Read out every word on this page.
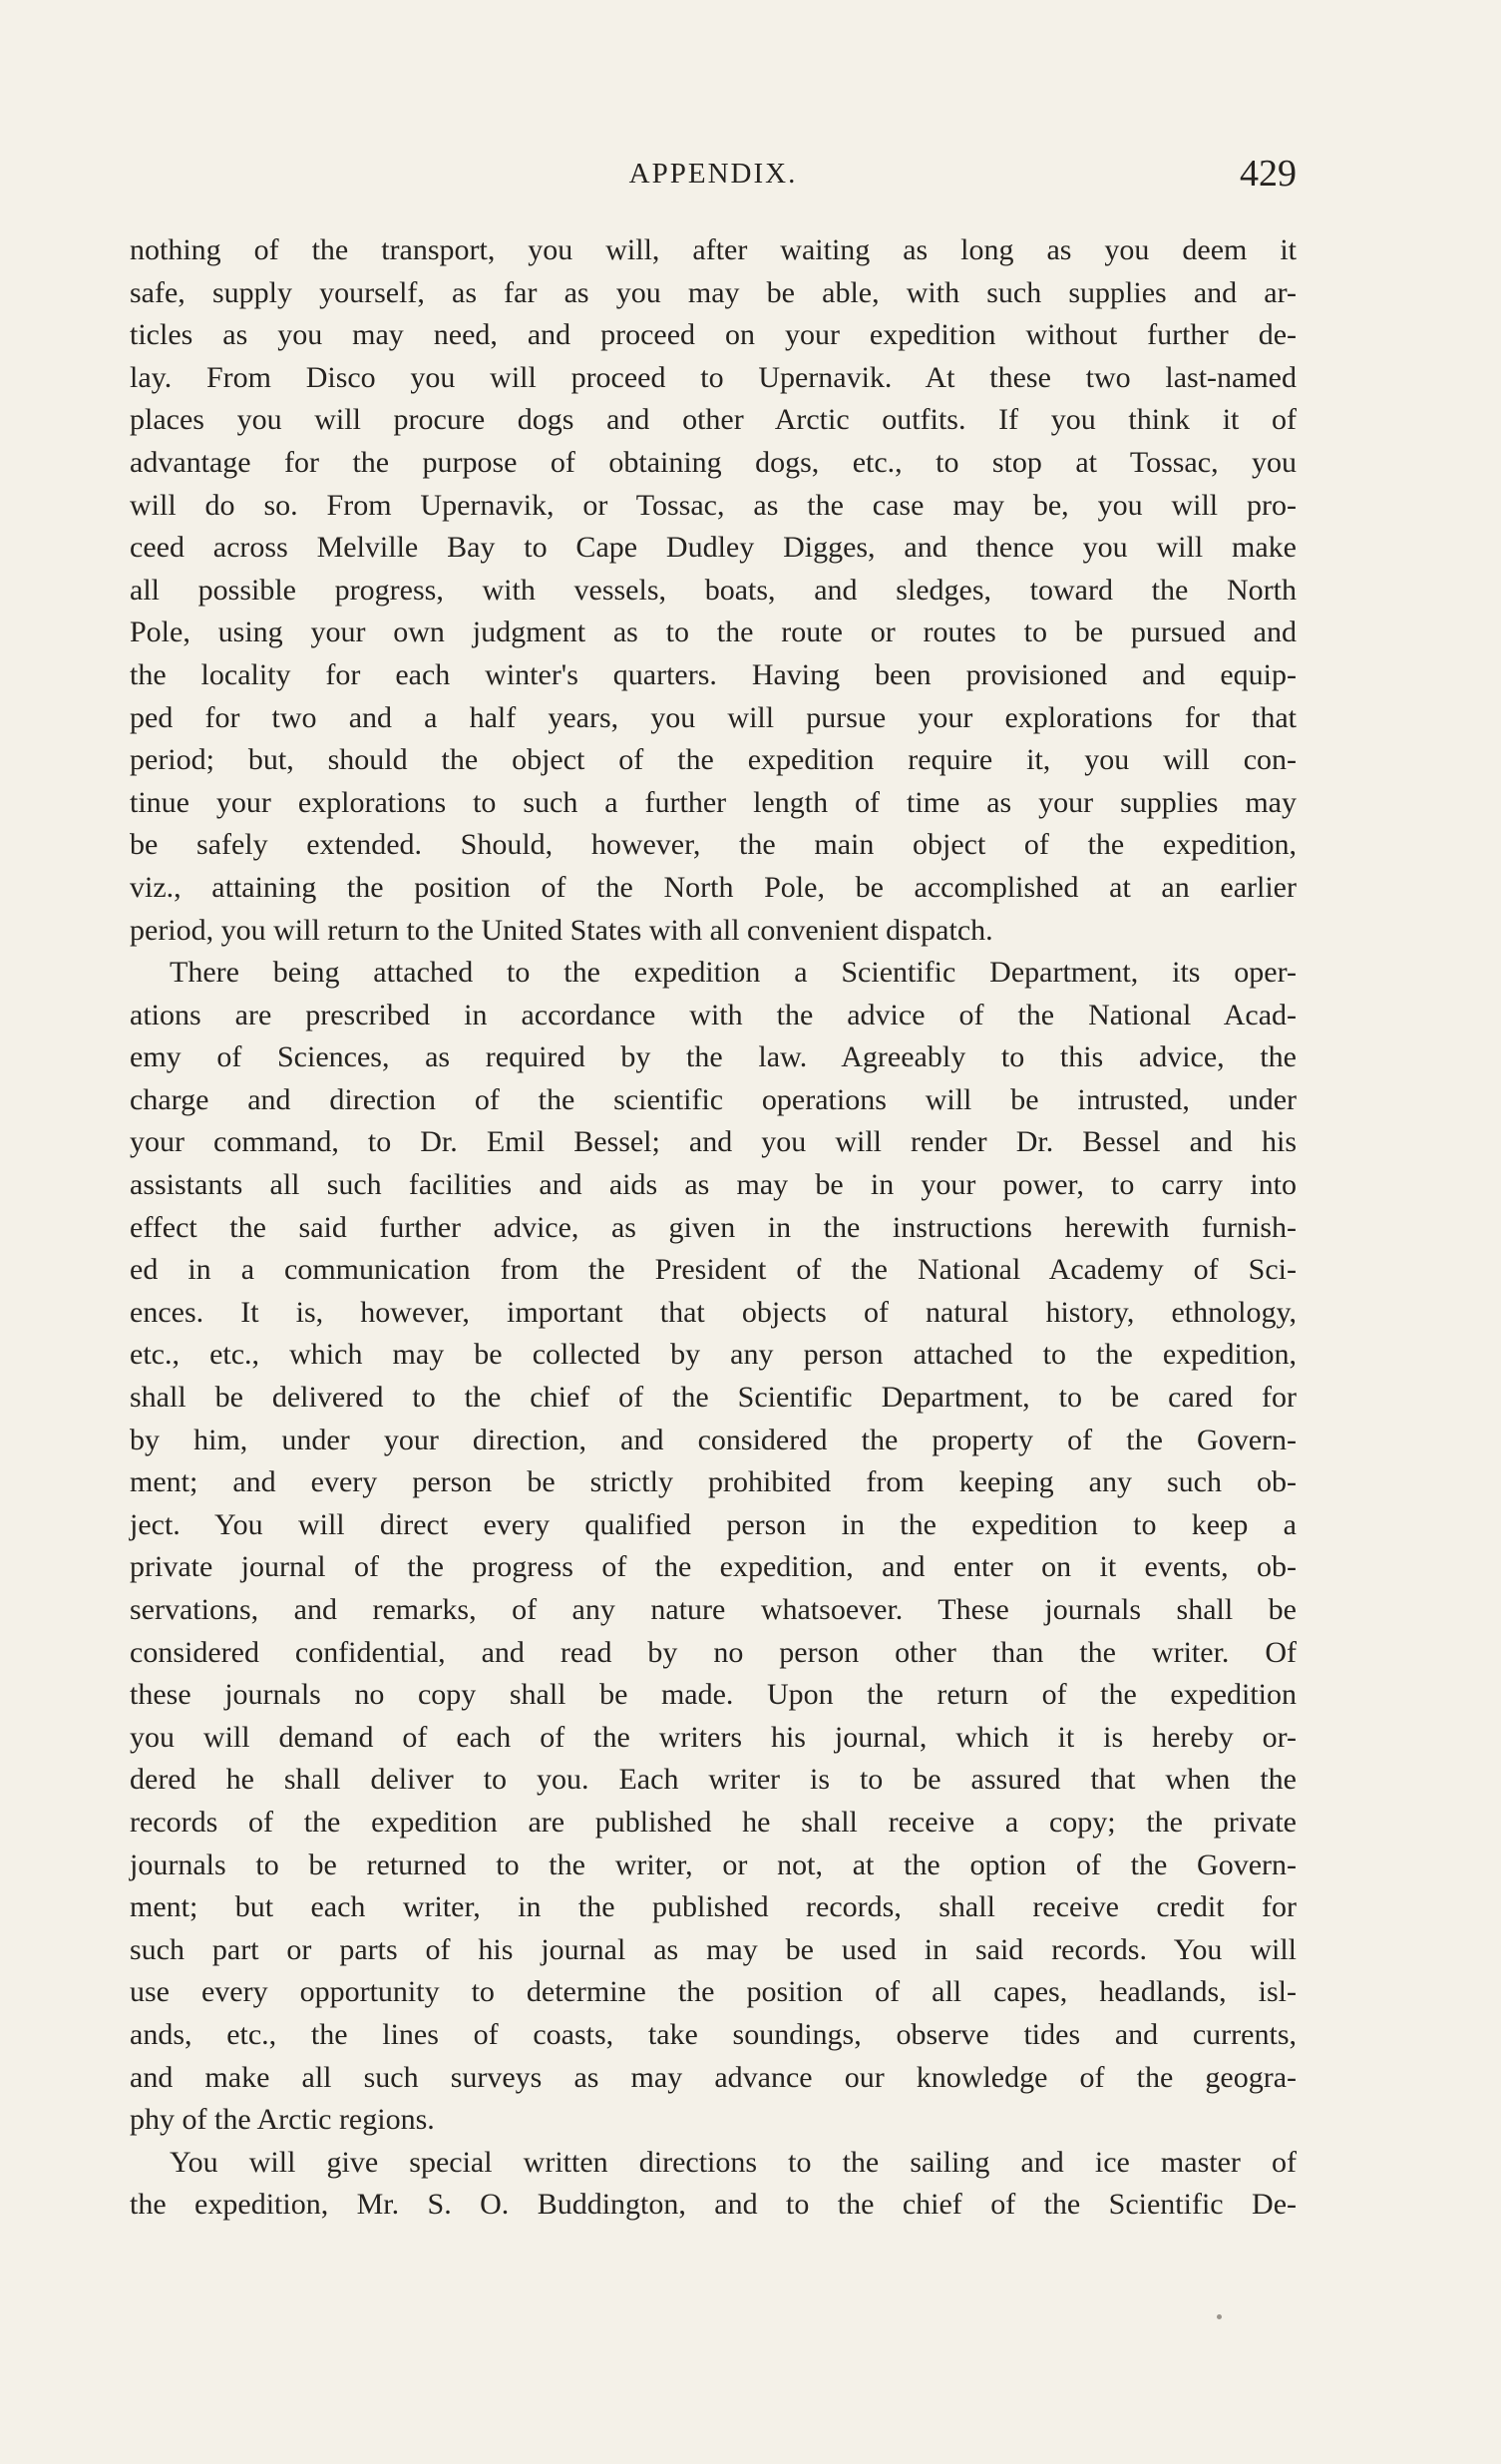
APPENDIX.	429
nothing of the transport, you will, after waiting as long as you deem it
safe, supply yourself, as far as you may be able, with such supplies and ar-
ticles as you may need, and proceed on your expedition without further de-
lay. From Disco you will proceed to Upernavik. At these two last-named
places you will procure dogs and other Arctic outfits. If you think it of
advantage for the purpose of obtaining dogs, etc., to stop at Tossac, you
will do so. From Upernavik, or Tossac, as the case may be, you will pro-
ceed across Melville Bay to Cape Dudley Digges, and thence you will make
all possible progress, with vessels, boats, and sledges, toward the North
Pole, using your own judgment as to the route or routes to be pursued and
the locality for each winter's quarters. Having been provisioned and equip-
ped for two and a half years, you will pursue your explorations for that
period; but, should the object of the expedition require it, you will con-
tinue your explorations to such a further length of time as your supplies may
be safely extended. Should, however, the main object of the expedition,
viz., attaining the position of the North Pole, be accomplished at an earlier
period, you will return to the United States with all convenient dispatch.
There being attached to the expedition a Scientific Department, its oper-
ations are prescribed in accordance with the advice of the National Acad-
emy of Sciences, as required by the law. Agreeably to this advice, the
charge and direction of the scientific operations will be intrusted, under
your command, to Dr. Emil Bessel; and you will render Dr. Bessel and his
assistants all such facilities and aids as may be in your power, to carry into
effect the said further advice, as given in the instructions herewith furnish-
ed in a communication from the President of the National Academy of Sci-
ences. It is, however, important that objects of natural history, ethnology,
etc., etc., which may be collected by any person attached to the expedition,
shall be delivered to the chief of the Scientific Department, to be cared for
by him, under your direction, and considered the property of the Govern-
ment; and every person be strictly prohibited from keeping any such ob-
ject. You will direct every qualified person in the expedition to keep a
private journal of the progress of the expedition, and enter on it events, ob-
servations, and remarks, of any nature whatsoever. These journals shall be
considered confidential, and read by no person other than the writer. Of
these journals no copy shall be made. Upon the return of the expedition
you will demand of each of the writers his journal, which it is hereby or-
dered he shall deliver to you. Each writer is to be assured that when the
records of the expedition are published he shall receive a copy; the private
journals to be returned to the writer, or not, at the option of the Govern-
ment; but each writer, in the published records, shall receive credit for
such part or parts of his journal as may be used in said records. You will
use every opportunity to determine the position of all capes, headlands, isl-
ands, etc., the lines of coasts, take soundings, observe tides and currents,
and make all such surveys as may advance our knowledge of the geogra-
phy of the Arctic regions.
You will give special written directions to the sailing and ice master of
the expedition, Mr. S. O. Buddington, and to the chief of the Scientific De-
